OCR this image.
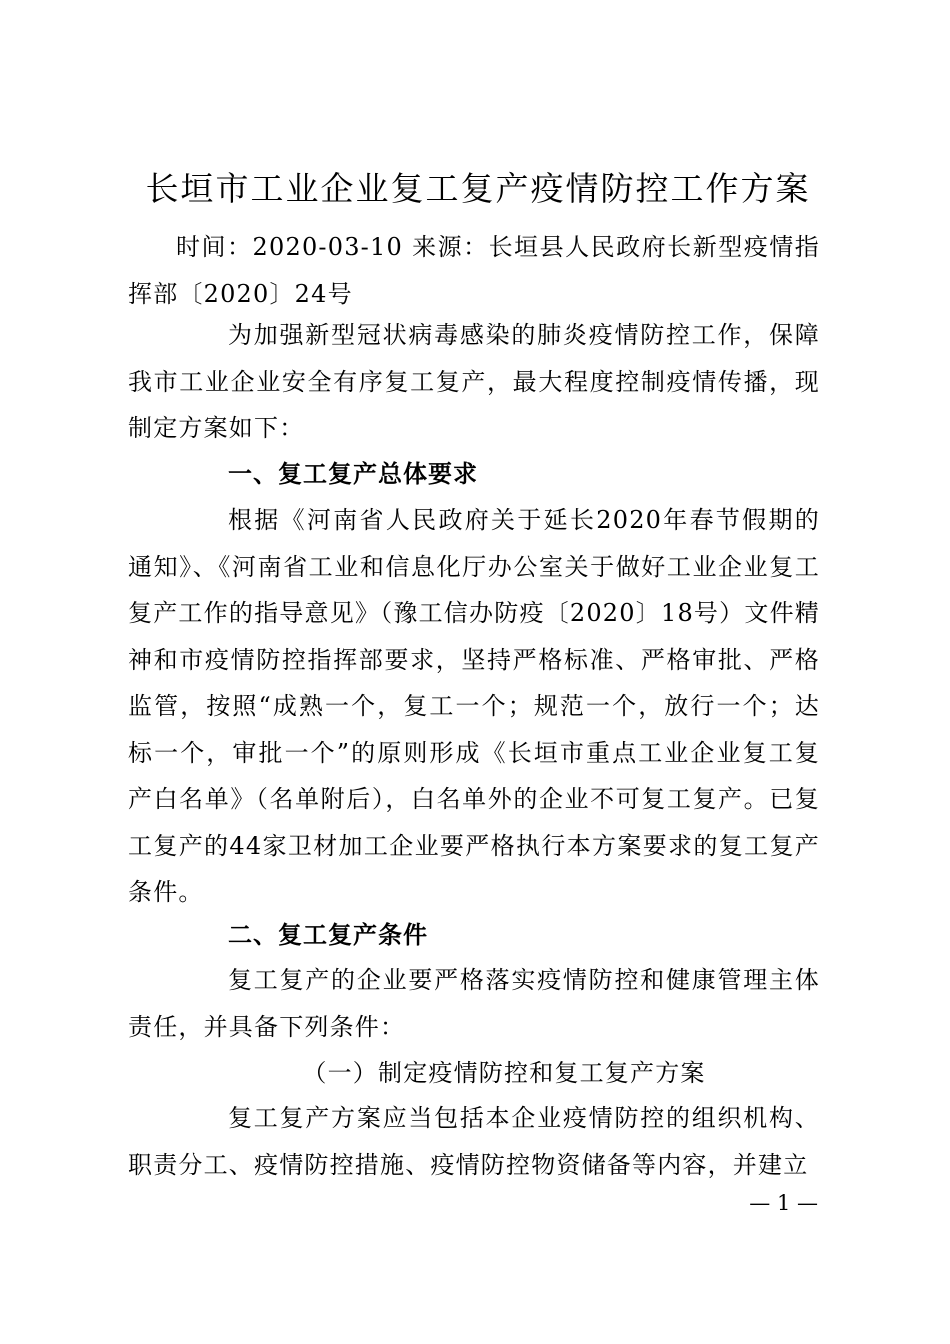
长垣市工业企业复工复产疫情防控工作方案
时间：2020-03-10 来源：长垣县人民政府长新型疫情指挥部〔2020〕24号
为加强新型冠状病毒感染的肺炎疫情防控工作，保障我市工业企业安全有序复工复产，最大程度控制疫情传播，现制定方案如下：
一、复工复产总体要求
根据《河南省人民政府关于延长2020年春节假期的通知》、《河南省工业和信息化厅办公室关于做好工业企业复工复产工作的指导意见》（豫工信办防疫〔2020〕18号）文件精神和市疫情防控指挥部要求，坚持严格标准、严格审批、严格监管，按照“成熟一个，复工一个；规范一个，放行一个；达标一个，审批一个”的原则形成《长垣市重点工业企业复工复产白名单》（名单附后），白名单外的企业不可复工复产。已复工复产的44家卫材加工企业要严格执行本方案要求的复工复产条件。
二、复工复产条件
复工复产的企业要严格落实疫情防控和健康管理主体责任，并具备下列条件：
（一）制定疫情防控和复工复产方案
复工复产方案应当包括本企业疫情防控的组织机构、职责分工、疫情防控措施、疫情防控物资储备等内容，并建立
— 1 —
